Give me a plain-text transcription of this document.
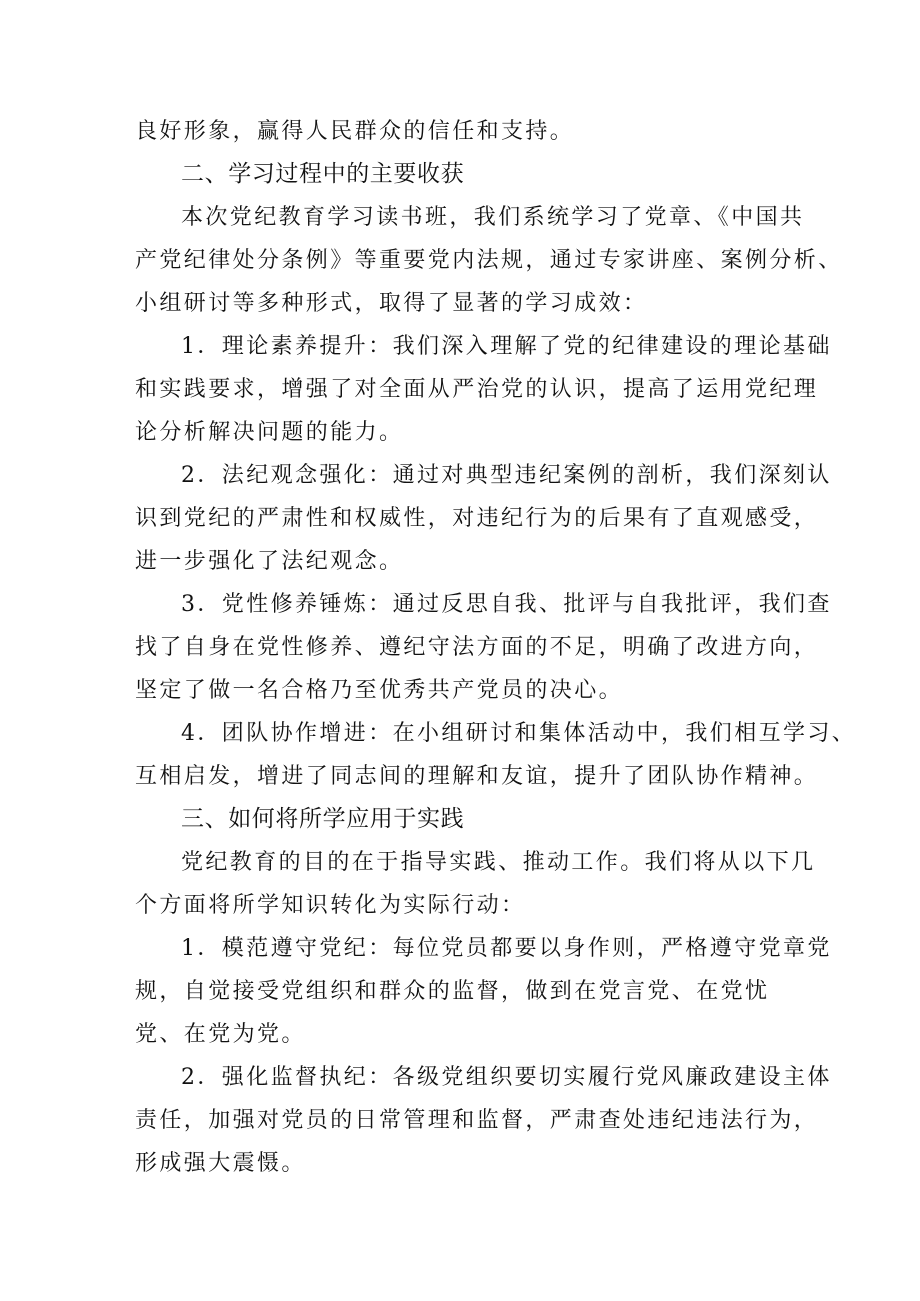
良好形象，赢得人民群众的信任和支持。
二、学习过程中的主要收获
本次党纪教育学习读书班，我们系统学习了党章、《中国共
产党纪律处分条例》等重要党内法规，通过专家讲座、案例分析、
小组研讨等多种形式，取得了显著的学习成效：
1．理论素养提升：我们深入理解了党的纪律建设的理论基础
和实践要求，增强了对全面从严治党的认识，提高了运用党纪理
论分析解决问题的能力。
2．法纪观念强化：通过对典型违纪案例的剖析，我们深刻认
识到党纪的严肃性和权威性，对违纪行为的后果有了直观感受，
进一步强化了法纪观念。
3．党性修养锤炼：通过反思自我、批评与自我批评，我们查
找了自身在党性修养、遵纪守法方面的不足，明确了改进方向，
坚定了做一名合格乃至优秀共产党员的决心。
4．团队协作增进：在小组研讨和集体活动中，我们相互学习、
互相启发，增进了同志间的理解和友谊，提升了团队协作精神。
三、如何将所学应用于实践
党纪教育的目的在于指导实践、推动工作。我们将从以下几
个方面将所学知识转化为实际行动：
1．模范遵守党纪：每位党员都要以身作则，严格遵守党章党
规，自觉接受党组织和群众的监督，做到在党言党、在党忧
党、在党为党。
2．强化监督执纪：各级党组织要切实履行党风廉政建设主体
责任，加强对党员的日常管理和监督，严肃查处违纪违法行为，
形成强大震慑。
